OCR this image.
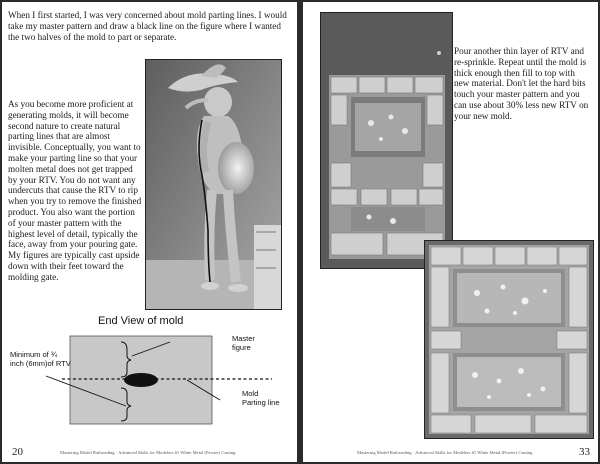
When I first started, I was very concerned about mold parting lines. I would take my master pattern and draw a black line on the figure where I wanted the two halves of the mold to part or separate.
As you become more proficient at generating molds, it will become second nature to create natural parting lines that are almost invisible. Conceptually, you want to make your parting line so that your molten metal does not get trapped by your RTV. You do not want any undercuts that cause the RTV to rip when you try to remove the finished product. You also want the portion of your master pattern with the highest level of detail, typically the face, away from your pouring gate. My figures are typically cast upside down with their feet toward the molding gate.
End View of mold
Minimum of ¾ inch (6mm)of RTV
Master figure
Mold Parting line
20	Mastering Model Railroading · Advanced Skills for Modelers #1 White Metal (Pewter) Casting
Pour another thin layer of RTV and re-sprinkle. Repeat until the mold is thick enough then fill to top with new material. Don't let the hard bits touch your master pattern and you can use about 30% less new RTV on your new mold.
Mastering Model Railroading · Advanced Skills for Modelers #1 White Metal (Pewter) Casting	33
